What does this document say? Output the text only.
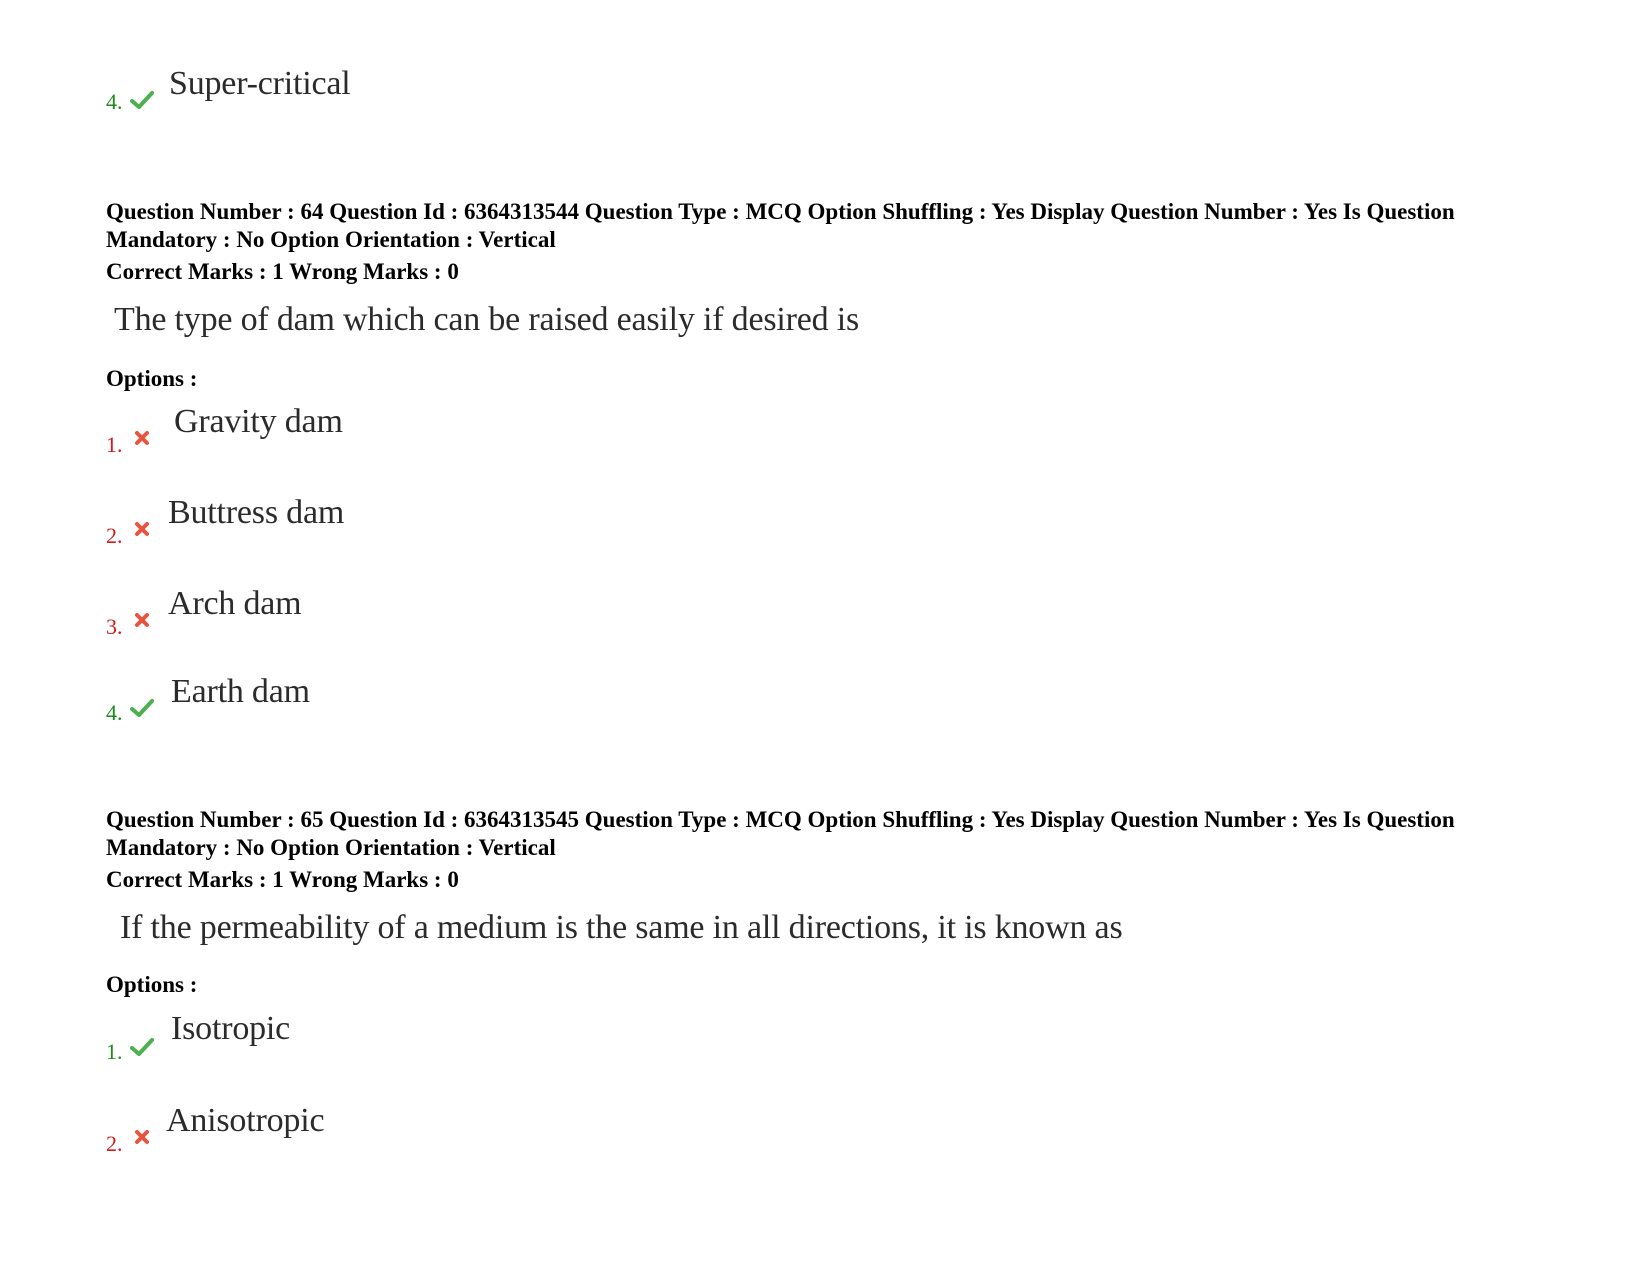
4. Super-critical
Question Number : 64 Question Id : 6364313544 Question Type : MCQ Option Shuffling : Yes Display Question Number : Yes Is Question Mandatory : No Option Orientation : Vertical
Correct Marks : 1 Wrong Marks : 0
The type of dam which can be raised easily if desired is
Options :
1.
Gravity dam
2.
Buttress dam
3.
Arch dam
4.
Earth dam
Question Number : 65 Question Id : 6364313545 Question Type : MCQ Option Shuffling : Yes Display Question Number : Yes Is Question Mandatory : No Option Orientation : Vertical
Correct Marks : 1 Wrong Marks : 0
If the permeability of a medium is the same in all directions, it is known as
Options :
1.
Isotropic
2.
Anisotropic
